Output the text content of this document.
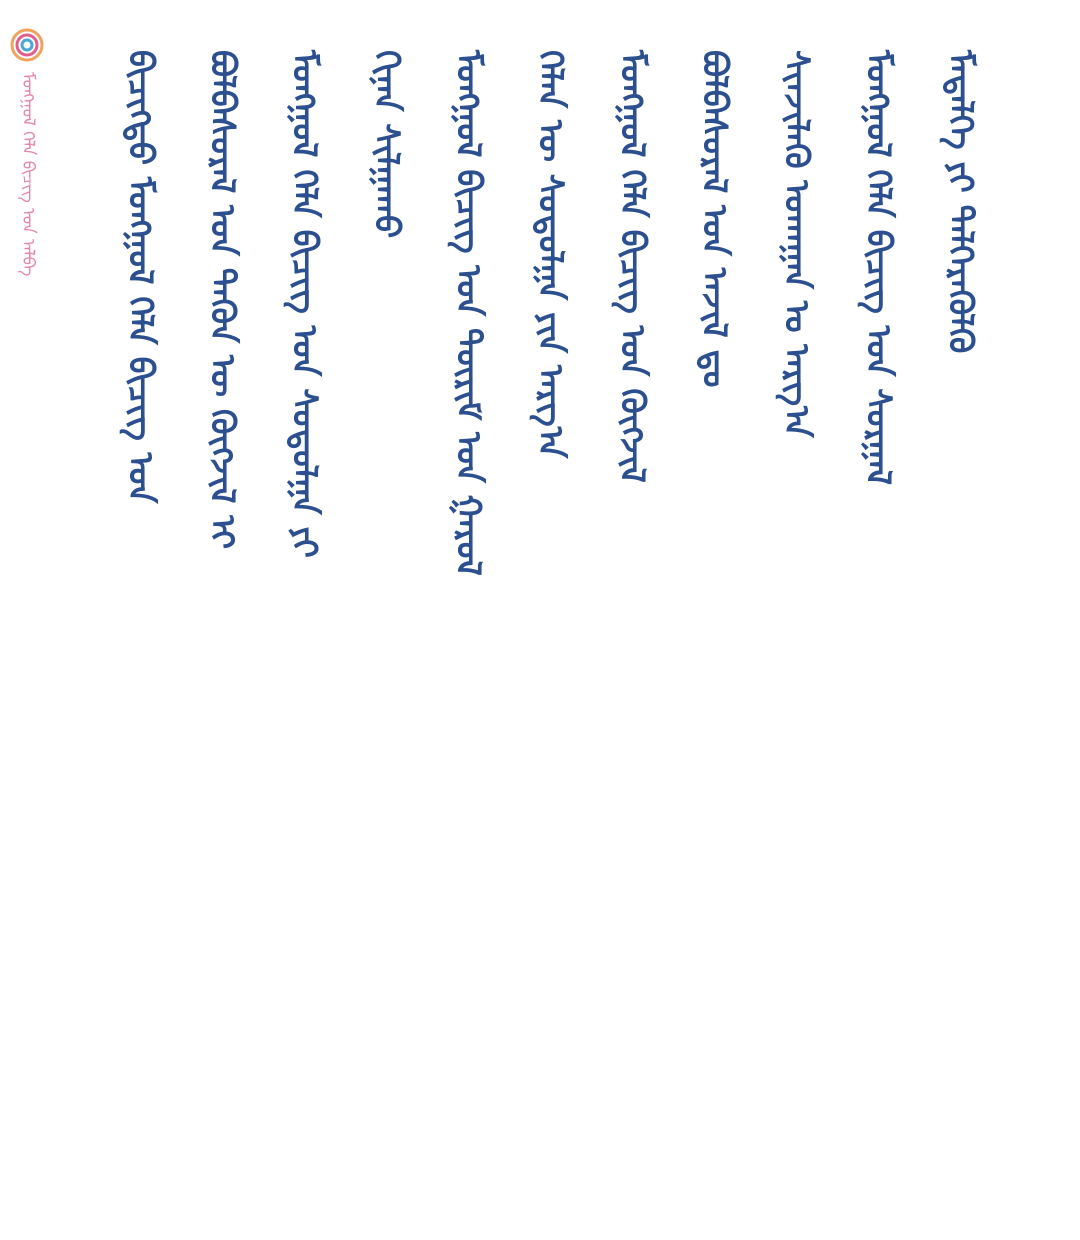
ᠮᠣᠩᠭᠣᠯ ᠬᠡᠯᠡ ᠪᠢᠴᠢᠭ ᠤᠨ ᠠᠯᠪᠠ ᠪᠢᠴᠢᠭᠲᠦ ᠮᠣᠩᠭᠣᠯ ᠬᠡᠯᠡ ᠪᠢᠴᠢᠭ ᠤᠨ ᠪᠣᠯᠪᠠᠰᠤᠷᠠᠯ ᠤᠨ ᠲᠡᠭᠦᠨ ᠦ ᠬᠥᠭᠵᠢᠯ ᠢ ᠮᠣᠩᠭᠣᠯ ᠬᠡᠯᠡ ᠪᠢᠴᠢᠭ ᠤᠨ ᠰᠤᠳᠤᠯᠭᠠ ᠶᠢ ᠬᠢᠨᠠᠨ ᠰᠢᠯᠭᠠᠬᠤ ᠮᠣᠩᠭᠣᠯ ᠪᠢᠴᠢᠭ ᠤᠨ ᠳᠦᠷᠢᠮ ᠤᠨ ᠭᠠᠷᠤᠯ ᠬᠡᠯᠡᠨ ᠦ ᠰᠤᠳᠤᠯᠭᠠ ᠶᠢᠨ ᠠᠷᠭ᠎ᠠ ᠮᠣᠩᠭᠣᠯ ᠬᠡᠯᠡ ᠪᠢᠴᠢᠭ ᠤᠨ ᠬᠥᠭᠵᠢᠯ ᠪᠣᠯᠪᠠᠰᠤᠷᠠᠯ ᠤᠨ ᠠᠵᠢᠯ ᠳᠤ ᠰᠢᠨᠵᠢᠯᠡᠬᠦ ᠤᠬᠠᠭᠠᠨ ᠤ ᠠᠷᠭ᠎ᠠ ᠮᠣᠩᠭᠣᠯ ᠬᠡᠯᠡ ᠪᠢᠴᠢᠭ ᠤᠨ ᠰᠤᠷᠭᠠᠯ ᠮᠡᠳᠡᠯᠭᠡ ᠶᠢ ᠳᠡᠯᠭᠡᠷᠡᠭᠦᠯᠬᠦ
